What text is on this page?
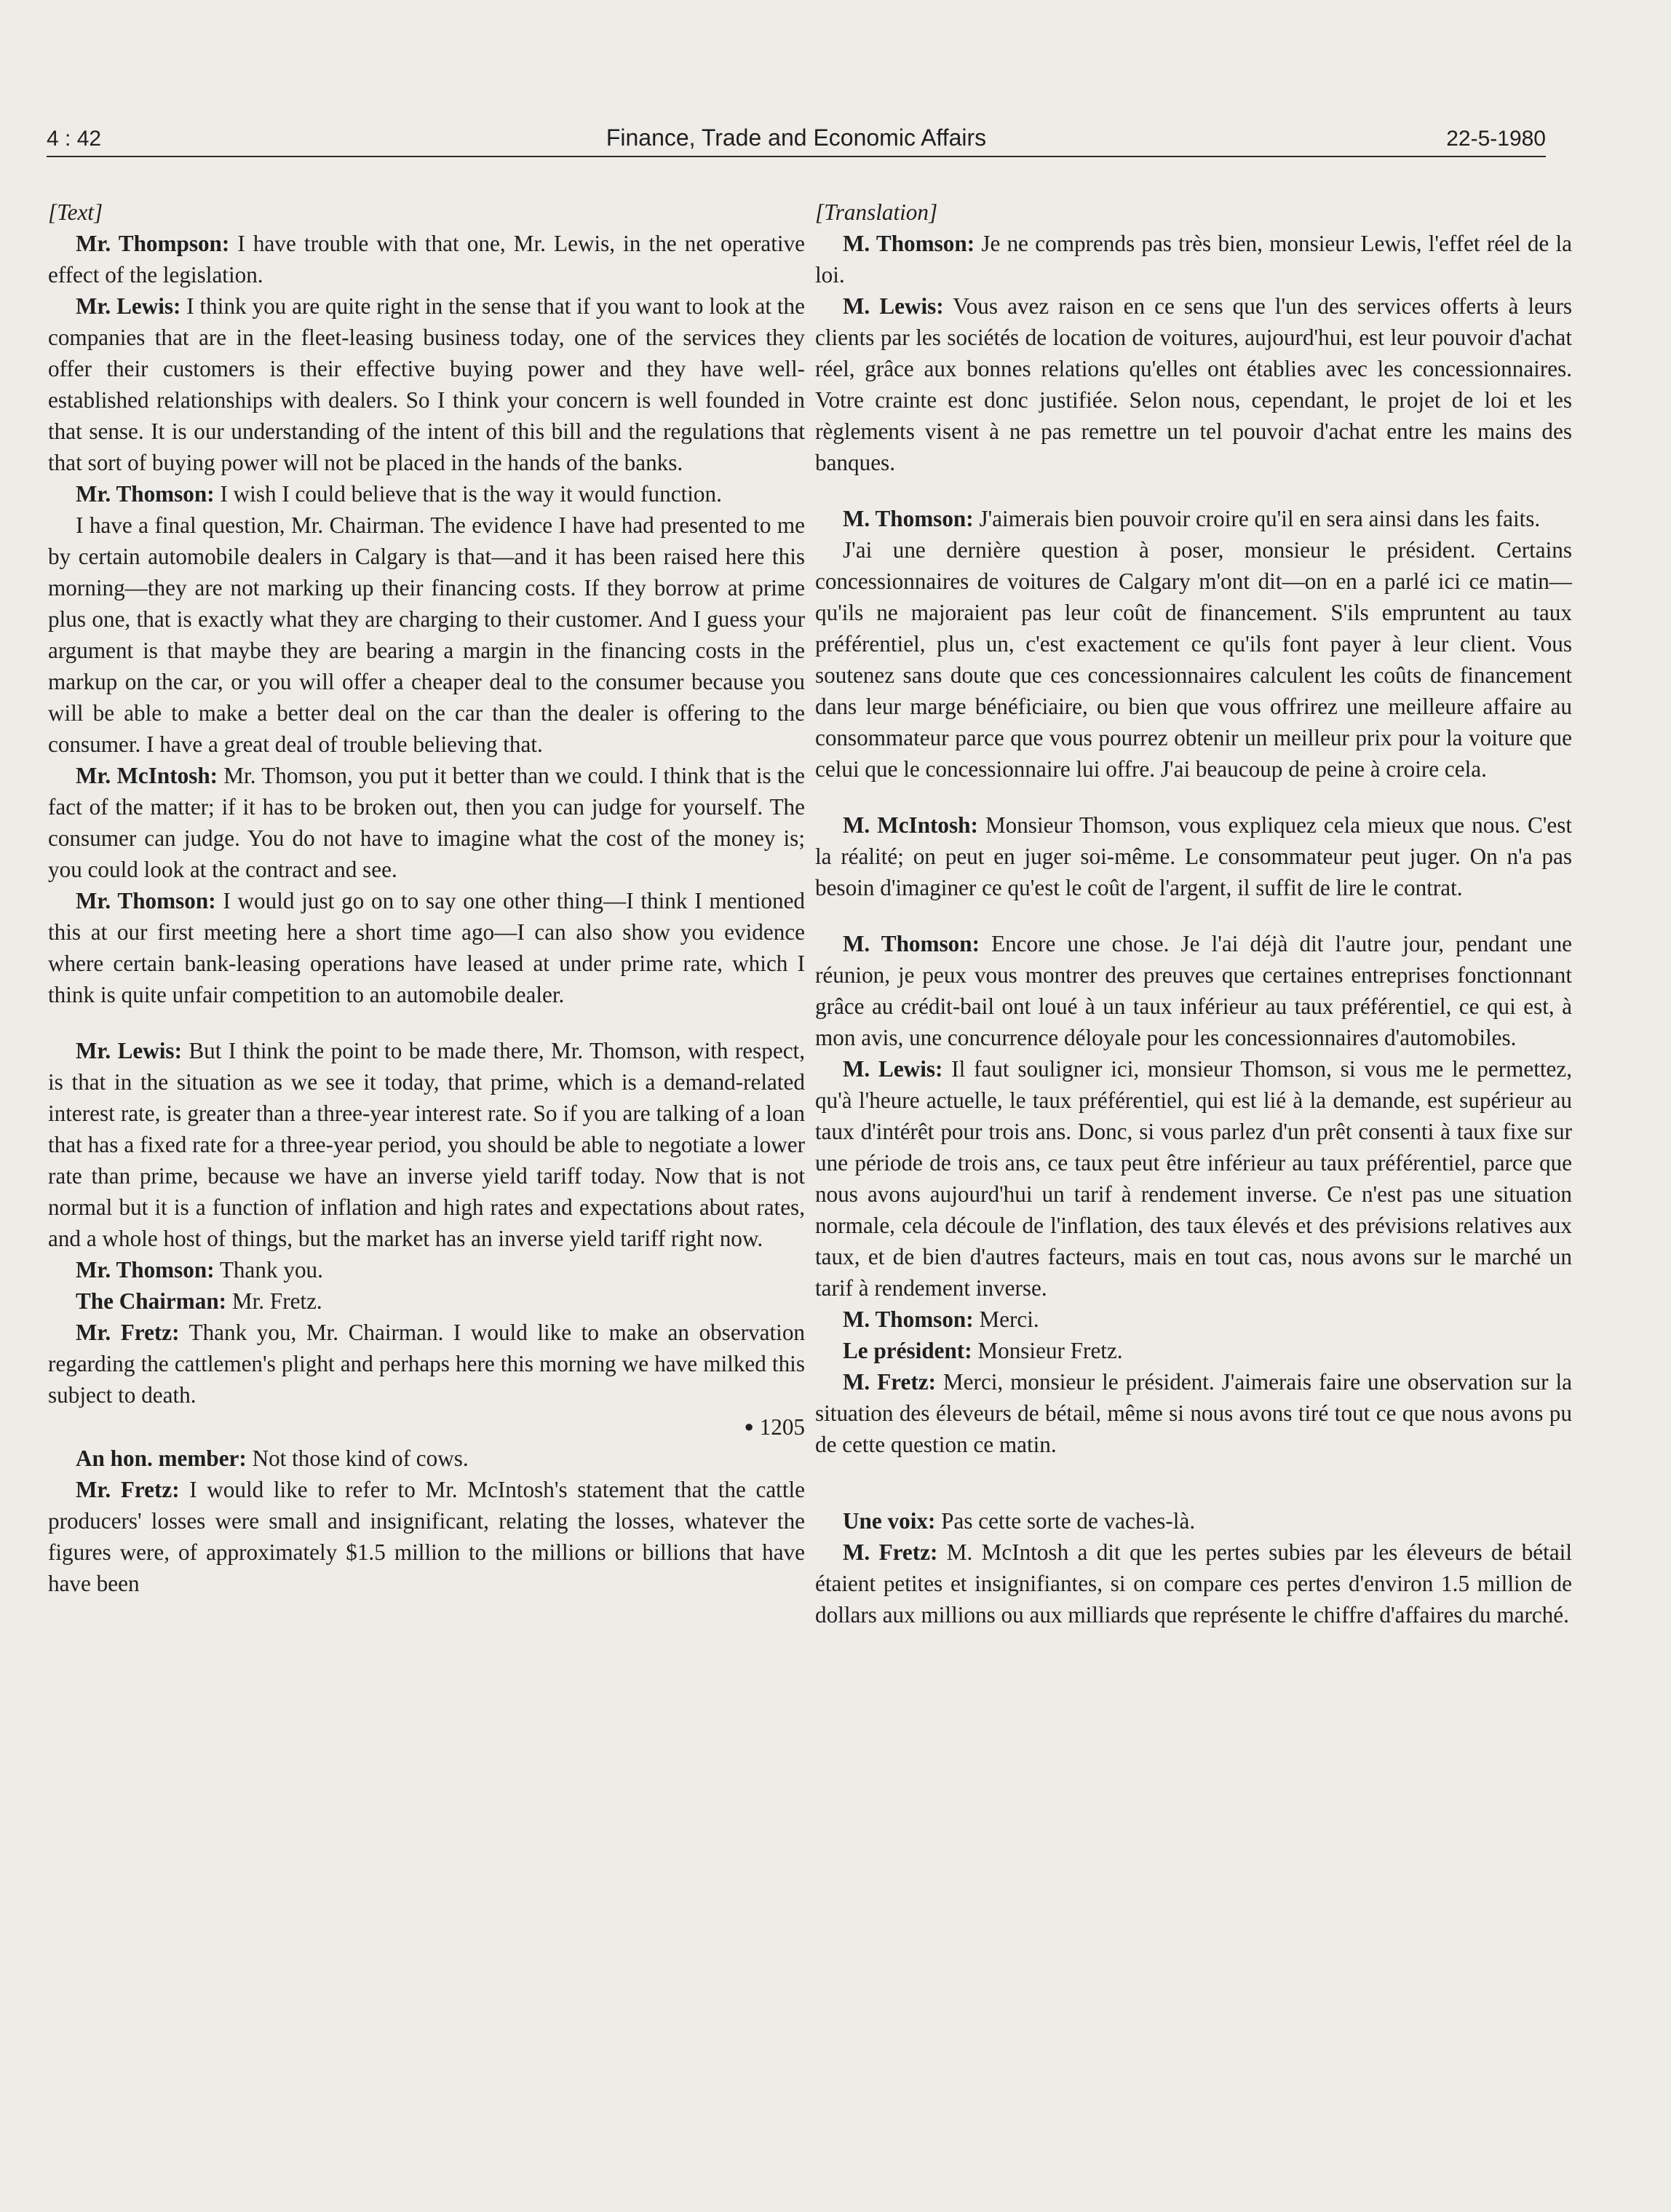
4 : 42	Finance, Trade and Economic Affairs	22-5-1980

[Text]

Mr. Thompson: I have trouble with that one, Mr. Lewis, in the net operative effect of the legislation.

Mr. Lewis: I think you are quite right in the sense that if you want to look at the companies that are in the fleet-leasing business today, one of the services they offer their customers is their effective buying power and they have well-established relationships with dealers. So I think your concern is well founded in that sense. It is our understanding of the intent of this bill and the regulations that that sort of buying power will not be placed in the hands of the banks.

Mr. Thomson: I wish I could believe that is the way it would function.

I have a final question, Mr. Chairman. The evidence I have had presented to me by certain automobile dealers in Calgary is that—and it has been raised here this morning—they are not marking up their financing costs. If they borrow at prime plus one, that is exactly what they are charging to their customer. And I guess your argument is that maybe they are bearing a margin in the financing costs in the markup on the car, or you will offer a cheaper deal to the consumer because you will be able to make a better deal on the car than the dealer is offering to the consumer. I have a great deal of trouble believing that.

Mr. McIntosh: Mr. Thomson, you put it better than we could. I think that is the fact of the matter; if it has to be broken out, then you can judge for yourself. The consumer can judge. You do not have to imagine what the cost of the money is; you could look at the contract and see.

Mr. Thomson: I would just go on to say one other thing—I think I mentioned this at our first meeting here a short time ago—I can also show you evidence where certain bank-leasing operations have leased at under prime rate, which I think is quite unfair competition to an automobile dealer.

Mr. Lewis: But I think the point to be made there, Mr. Thomson, with respect, is that in the situation as we see it today, that prime, which is a demand-related interest rate, is greater than a three-year interest rate. So if you are talking of a loan that has a fixed rate for a three-year period, you should be able to negotiate a lower rate than prime, because we have an inverse yield tariff today. Now that is not normal but it is a function of inflation and high rates and expectations about rates, and a whole host of things, but the market has an inverse yield tariff right now.

Mr. Thomson: Thank you.

The Chairman: Mr. Fretz.

Mr. Fretz: Thank you, Mr. Chairman. I would like to make an observation regarding the cattlemen's plight and perhaps here this morning we have milked this subject to death.

● 1205

An hon. member: Not those kind of cows.

Mr. Fretz: I would like to refer to Mr. McIntosh's statement that the cattle producers' losses were small and insignificant, relating the losses, whatever the figures were, of approximately $1.5 million to the millions or billions that have have been

[Translation]

M. Thomson: Je ne comprends pas très bien, monsieur Lewis, l'effet réel de la loi.

M. Lewis: Vous avez raison en ce sens que l'un des services offerts à leurs clients par les sociétés de location de voitures, aujourd'hui, est leur pouvoir d'achat réel, grâce aux bonnes relations qu'elles ont établies avec les concessionnaires. Votre crainte est donc justifiée. Selon nous, cependant, le projet de loi et les règlements visent à ne pas remettre un tel pouvoir d'achat entre les mains des banques.

M. Thomson: J'aimerais bien pouvoir croire qu'il en sera ainsi dans les faits.

J'ai une dernière question à poser, monsieur le président. Certains concessionnaires de voitures de Calgary m'ont dit—on en a parlé ici ce matin—qu'ils ne majoraient pas leur coût de financement. S'ils empruntent au taux préférentiel, plus un, c'est exactement ce qu'ils font payer à leur client. Vous soutenez sans doute que ces concessionnaires calculent les coûts de financement dans leur marge bénéficiaire, ou bien que vous offrirez une meilleure affaire au consommateur parce que vous pourrez obtenir un meilleur prix pour la voiture que celui que le concessionnaire lui offre. J'ai beaucoup de peine à croire cela.

M. McIntosh: Monsieur Thomson, vous expliquez cela mieux que nous. C'est la réalité; on peut en juger soi-même. Le consommateur peut juger. On n'a pas besoin d'imaginer ce qu'est le coût de l'argent, il suffit de lire le contrat.

M. Thomson: Encore une chose. Je l'ai déjà dit l'autre jour, pendant une réunion, je peux vous montrer des preuves que certaines entreprises fonctionnant grâce au crédit-bail ont loué à un taux inférieur au taux préférentiel, ce qui est, à mon avis, une concurrence déloyale pour les concessionnaires d'automobiles.

M. Lewis: Il faut souligner ici, monsieur Thomson, si vous me le permettez, qu'à l'heure actuelle, le taux préférentiel, qui est lié à la demande, est supérieur au taux d'intérêt pour trois ans. Donc, si vous parlez d'un prêt consenti à taux fixe sur une période de trois ans, ce taux peut être inférieur au taux préférentiel, parce que nous avons aujourd'hui un tarif à rendement inverse. Ce n'est pas une situation normale, cela découle de l'inflation, des taux élevés et des prévisions relatives aux taux, et de bien d'autres facteurs, mais en tout cas, nous avons sur le marché un tarif à rendement inverse.

M. Thomson: Merci.

Le président: Monsieur Fretz.

M. Fretz: Merci, monsieur le président. J'aimerais faire une observation sur la situation des éleveurs de bétail, même si nous avons tiré tout ce que nous avons pu de cette question ce matin.

Une voix: Pas cette sorte de vaches-là.

M. Fretz: M. McIntosh a dit que les pertes subies par les éleveurs de bétail étaient petites et insignifiantes, si on compare ces pertes d'environ 1.5 million de dollars aux millions ou aux milliards que représente le chiffre d'affaires du marché.
